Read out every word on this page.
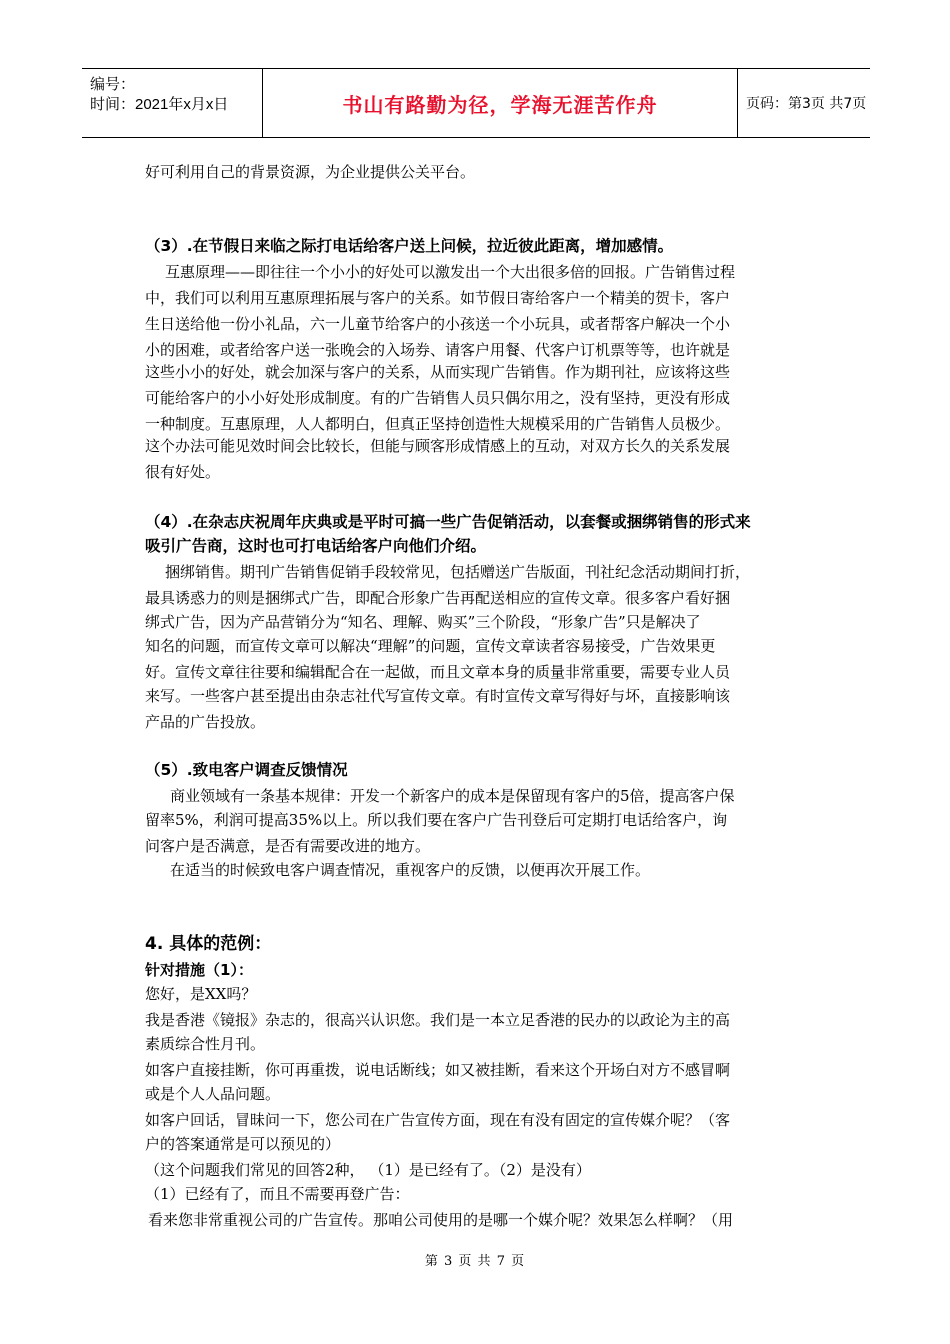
编号：
时间：2021年x月x日	书山有路勤为径，学海无涯苦作舟	页码：第3页 共7页
好可利用自己的背景资源，为企业提供公关平台。
（3）.在节假日来临之际打电话给客户送上问候，拉近彼此距离，增加感情。
互惠原理——即往往一个小小的好处可以激发出一个大出很多倍的回报。广告销售过程
中，我们可以利用互惠原理拓展与客户的关系。如节假日寄给客户一个精美的贺卡，客户
生日送给他一份小礼品，六一儿童节给客户的小孩送一个小玩具，或者帮客户解决一个小
小的困难，或者给客户送一张晚会的入场券、请客户用餐、代客户订机票等等，也许就是
这些小小的好处，就会加深与客户的关系，从而实现广告销售。作为期刊社，应该将这些
可能给客户的小小好处形成制度。有的广告销售人员只偶尔用之，没有坚持，更没有形成
一种制度。互惠原理，人人都明白，但真正坚持创造性大规模采用的广告销售人员极少。
这个办法可能见效时间会比较长，但能与顾客形成情感上的互动，对双方长久的关系发展
很有好处。
（4）.在杂志庆祝周年庆典或是平时可搞一些广告促销活动，以套餐或捆绑销售的形式来
吸引广告商，这时也可打电话给客户向他们介绍。
捆绑销售。期刊广告销售促销手段较常见，包括赠送广告版面，刊社纪念活动期间打折，
最具诱惑力的则是捆绑式广告，即配合形象广告再配送相应的宣传文章。很多客户看好捆
绑式广告，因为产品营销分为“知名、理解、购买”三个阶段，“形象广告”只是解决了
知名的问题，而宣传文章可以解决“理解”的问题，宣传文章读者容易接受，广告效果更
好。宣传文章往往要和编辑配合在一起做，而且文章本身的质量非常重要，需要专业人员
来写。一些客户甚至提出由杂志社代写宣传文章。有时宣传文章写得好与坏，直接影响该
产品的广告投放。
（5）.致电客户调查反馈情况
商业领域有一条基本规律：开发一个新客户的成本是保留现有客户的5倍，提高客户保
留率5%，利润可提高35%以上。所以我们要在客户广告刊登后可定期打电话给客户，询
问客户是否满意，是否有需要改进的地方。
在适当的时候致电客户调查情况，重视客户的反馈，以便再次开展工作。
4. 具体的范例：
针对措施（1）：
您好，是XX吗？
我是香港《镜报》杂志的，很高兴认识您。我们是一本立足香港的民办的以政论为主的高
素质综合性月刊。
如客户直接挂断，你可再重拨，说电话断线；如又被挂断，看来这个开场白对方不感冒啊
或是个人人品问题。
如客户回话，冒昧问一下，您公司在广告宣传方面，现在有没有固定的宣传媒介呢？（客
户的答案通常是可以预见的）
（这个问题我们常见的回答2种， （1）是已经有了。（2）是没有）
（1）已经有了，而且不需要再登广告：
看来您非常重视公司的广告宣传。那咱公司使用的是哪一个媒介呢？效果怎么样啊？（用
第 3 页 共 7 页
